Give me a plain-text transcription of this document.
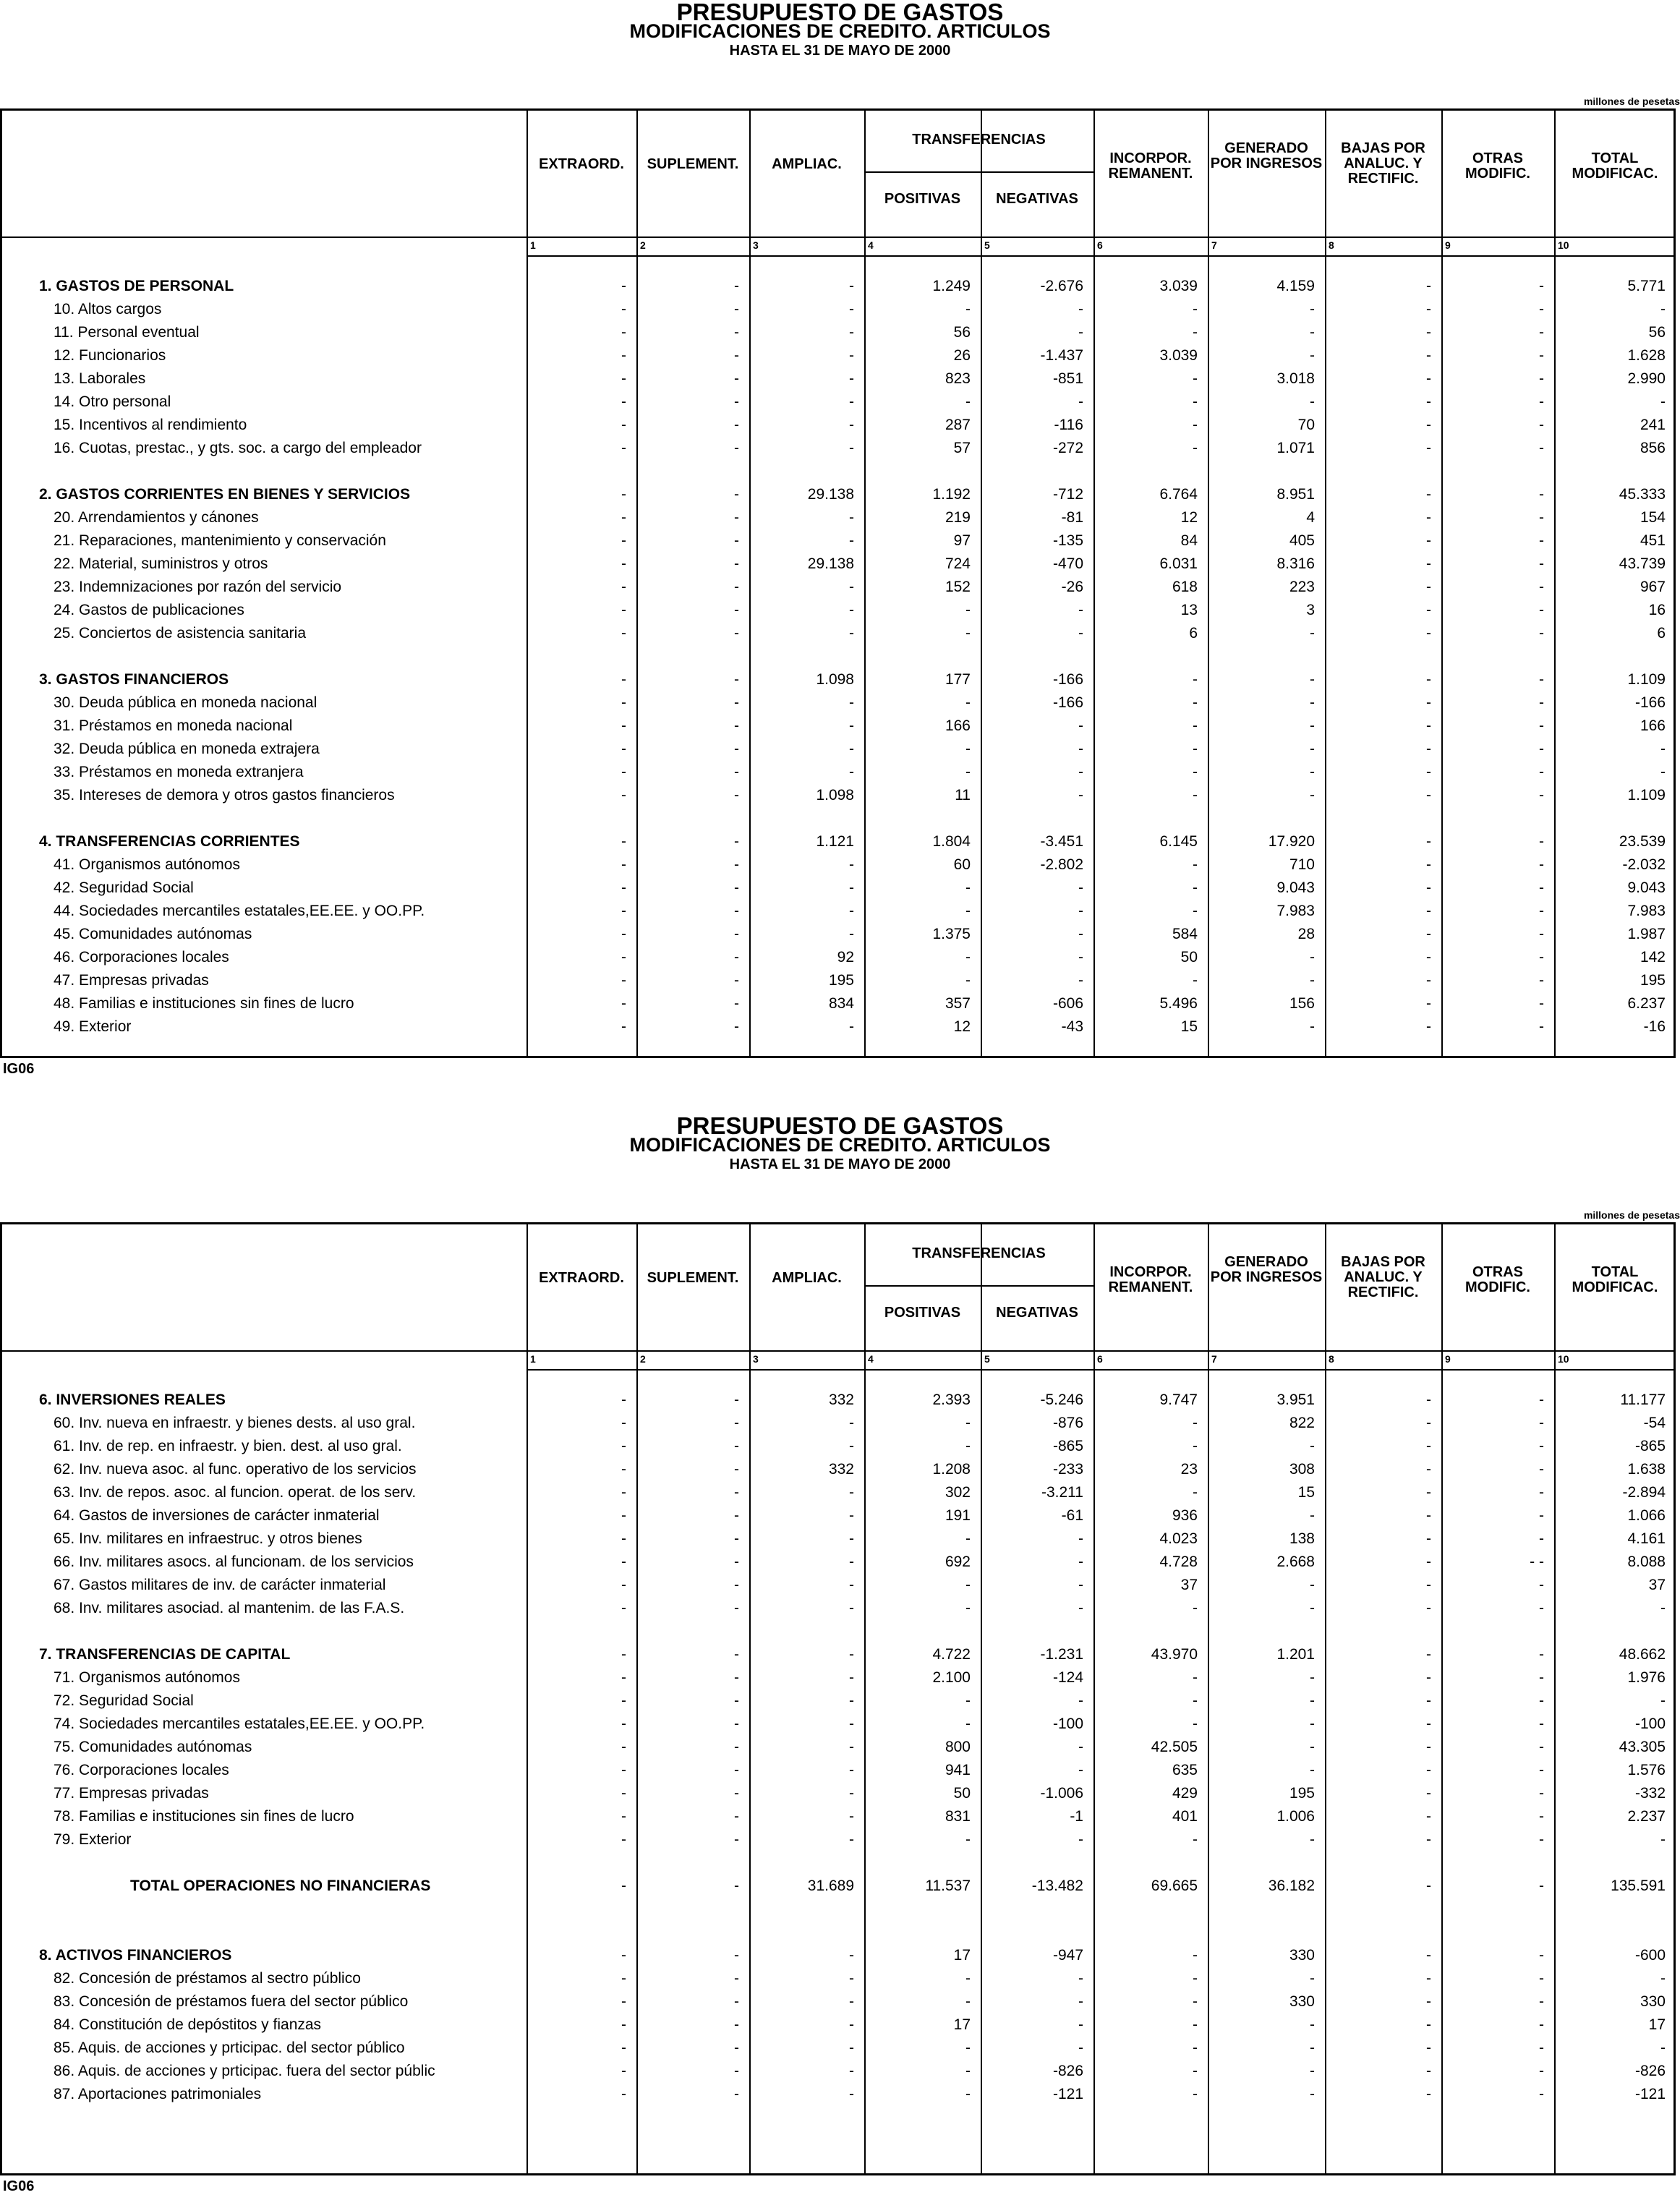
PRESUPUESTO DE GASTOS
MODIFICACIONES DE CREDITO. ARTICULOS
HASTA EL 31 DE MAYO DE 2000
millones de pesetas
EXTRAORD.	SUPLEMENT.	AMPLIAC.
TRANSFERENCIAS
POSITIVAS	NEGATIVAS
INCORPOR. REMANENT.
GENERADO POR INGRESOS
BAJAS POR ANALUC. Y RECTIFIC.
OTRAS MODIFIC.
TOTAL MODIFICAC.
1	2	3	4	5	6	7	8	9	10
1. GASTOS DE PERSONAL	-	-	-	1.249	-2.676	3.039	4.159	-	-	5.771
10. Altos cargos	-	-	-	-	-	-	-	-	-	-
11. Personal eventual	-	-	-	56	-	-	-	-	-	56
12. Funcionarios	-	-	-	26	-1.437	3.039	-	-	-	1.628
13. Laborales	-	-	-	823	-851	-	3.018	-	-	2.990
14. Otro personal	-	-	-	-	-	-	-	-	-	-
15. Incentivos al rendimiento	-	-	-	287	-116	-	70	-	-	241
16. Cuotas, prestac., y gts. soc. a cargo del empleador	-	-	-	57	-272	-	1.071	-	-	856
2. GASTOS CORRIENTES EN BIENES Y SERVICIOS	-	-	29.138	1.192	-712	6.764	8.951	-	-	45.333
20. Arrendamientos y cánones	-	-	-	219	-81	12	4	-	-	154
21. Reparaciones, mantenimiento y conservación	-	-	-	97	-135	84	405	-	-	451
22. Material, suministros y otros	-	-	29.138	724	-470	6.031	8.316	-	-	43.739
23. Indemnizaciones por razón del servicio	-	-	-	152	-26	618	223	-	-	967
24. Gastos de publicaciones	-	-	-	-	-	13	3	-	-	16
25. Conciertos de asistencia sanitaria	-	-	-	-	-	6	-	-	-	6
3. GASTOS FINANCIEROS	-	-	1.098	177	-166	-	-	-	-	1.109
30. Deuda pública en moneda nacional	-	-	-	-	-166	-	-	-	-	-166
31. Préstamos en moneda nacional	-	-	-	166	-	-	-	-	-	166
32. Deuda pública en moneda extrajera	-	-	-	-	-	-	-	-	-	-
33. Préstamos en moneda extranjera	-	-	-	-	-	-	-	-	-	-
35. Intereses de demora y otros gastos financieros	-	-	1.098	11	-	-	-	-	-	1.109
4. TRANSFERENCIAS CORRIENTES	-	-	1.121	1.804	-3.451	6.145	17.920	-	-	23.539
41. Organismos autónomos	-	-	-	60	-2.802	-	710	-	-	-2.032
42. Seguridad Social	-	-	-	-	-	-	9.043	-	-	9.043
44. Sociedades mercantiles estatales,EE.EE. y OO.PP.	-	-	-	-	-	-	7.983	-	-	7.983
45. Comunidades autónomas	-	-	-	1.375	-	584	28	-	-	1.987
46. Corporaciones locales	-	-	92	-	-	50	-	-	-	142
47. Empresas privadas	-	-	195	-	-	-	-	-	-	195
48. Familias e instituciones sin fines de lucro	-	-	834	357	-606	5.496	156	-	-	6.237
49. Exterior	-	-	-	12	-43	15	-	-	-	-16
IG06
PRESUPUESTO DE GASTOS
MODIFICACIONES DE CREDITO. ARTICULOS
HASTA EL 31 DE MAYO DE 2000
millones de pesetas
EXTRAORD.	SUPLEMENT.	AMPLIAC.
TRANSFERENCIAS
POSITIVAS	NEGATIVAS
INCORPOR. REMANENT.
GENERADO POR INGRESOS
BAJAS POR ANALUC. Y RECTIFIC.
OTRAS MODIFIC.
TOTAL MODIFICAC.
1	2	3	4	5	6	7	8	9	10
6. INVERSIONES REALES	-	-	332	2.393	-5.246	9.747	3.951	-	-	11.177
60. Inv. nueva en infraestr. y bienes dests. al uso gral.	-	-	-	-	-876	-	822	-	-	-54
61. Inv. de rep. en infraestr. y bien. dest. al uso gral.	-	-	-	-	-865	-	-	-	-	-865
62. Inv. nueva asoc. al func. operativo de los servicios	-	-	332	1.208	-233	23	308	-	-	1.638
63. Inv. de repos. asoc. al funcion. operat. de los serv.	-	-	-	302	-3.211	-	15	-	-	-2.894
64. Gastos de inversiones de carácter inmaterial	-	-	-	191	-61	936	-	-	-	1.066
65. Inv. militares en infraestruc. y otros bienes	-	-	-	-	-	4.023	138	-	-	4.161
66. Inv. militares asocs. al funcionam. de los servicios	-	-	-	692	-	4.728	2.668	-	- -	8.088
67. Gastos militares de inv. de carácter inmaterial	-	-	-	-	-	37	-	-	-	37
68. Inv. militares asociad. al mantenim. de las F.A.S.	-	-	-	-	-	-	-	-	-	-
7. TRANSFERENCIAS DE CAPITAL	-	-	-	4.722	-1.231	43.970	1.201	-	-	48.662
71. Organismos autónomos	-	-	-	2.100	-124	-	-	-	-	1.976
72. Seguridad Social	-	-	-	-	-	-	-	-	-	-
74. Sociedades mercantiles estatales,EE.EE. y OO.PP.	-	-	-	-	-100	-	-	-	-	-100
75. Comunidades autónomas	-	-	-	800	-	42.505	-	-	-	43.305
76. Corporaciones locales	-	-	-	941	-	635	-	-	-	1.576
77. Empresas privadas	-	-	-	50	-1.006	429	195	-	-	-332
78. Familias e instituciones sin fines de lucro	-	-	-	831	-1	401	1.006	-	-	2.237
79. Exterior	-	-	-	-	-	-	-	-	-	-
TOTAL OPERACIONES NO FINANCIERAS	-	-	31.689	11.537	-13.482	69.665	36.182	-	-	135.591
8. ACTIVOS FINANCIEROS	-	-	-	17	-947	-	330	-	-	-600
82. Concesión de préstamos al sectro público	-	-	-	-	-	-	-	-	-	-
83. Concesión de préstamos fuera del sector público	-	-	-	-	-	-	330	-	-	330
84. Constitución de depóstitos y fianzas	-	-	-	17	-	-	-	-	-	17
85. Aquis. de acciones y prticipac. del sector público	-	-	-	-	-	-	-	-	-	-
86. Aquis. de acciones y prticipac. fuera del sector públic	-	-	-	-	-826	-	-	-	-	-826
87. Aportaciones patrimoniales	-	-	-	-	-121	-	-	-	-	-121
IG06
